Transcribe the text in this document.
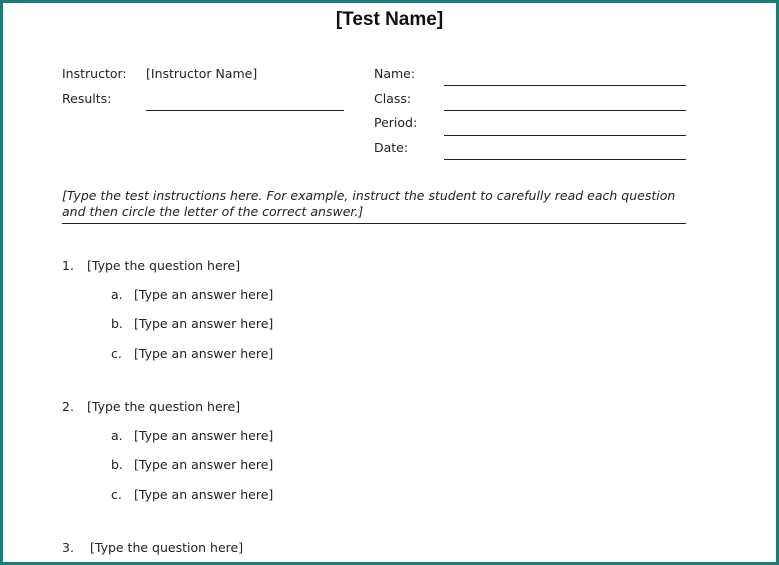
[Test Name]
Instructor: [Instructor Name]
Results:
Name:
Class:
Period:
Date:
[Type the test instructions here. For example, instruct the student to carefully read each question and then circle the letter of the correct answer.]
1. [Type the question here]
a. [Type an answer here]
b. [Type an answer here]
c. [Type an answer here]
2. [Type the question here]
a. [Type an answer here]
b. [Type an answer here]
c. [Type an answer here]
3. [Type the question here]
